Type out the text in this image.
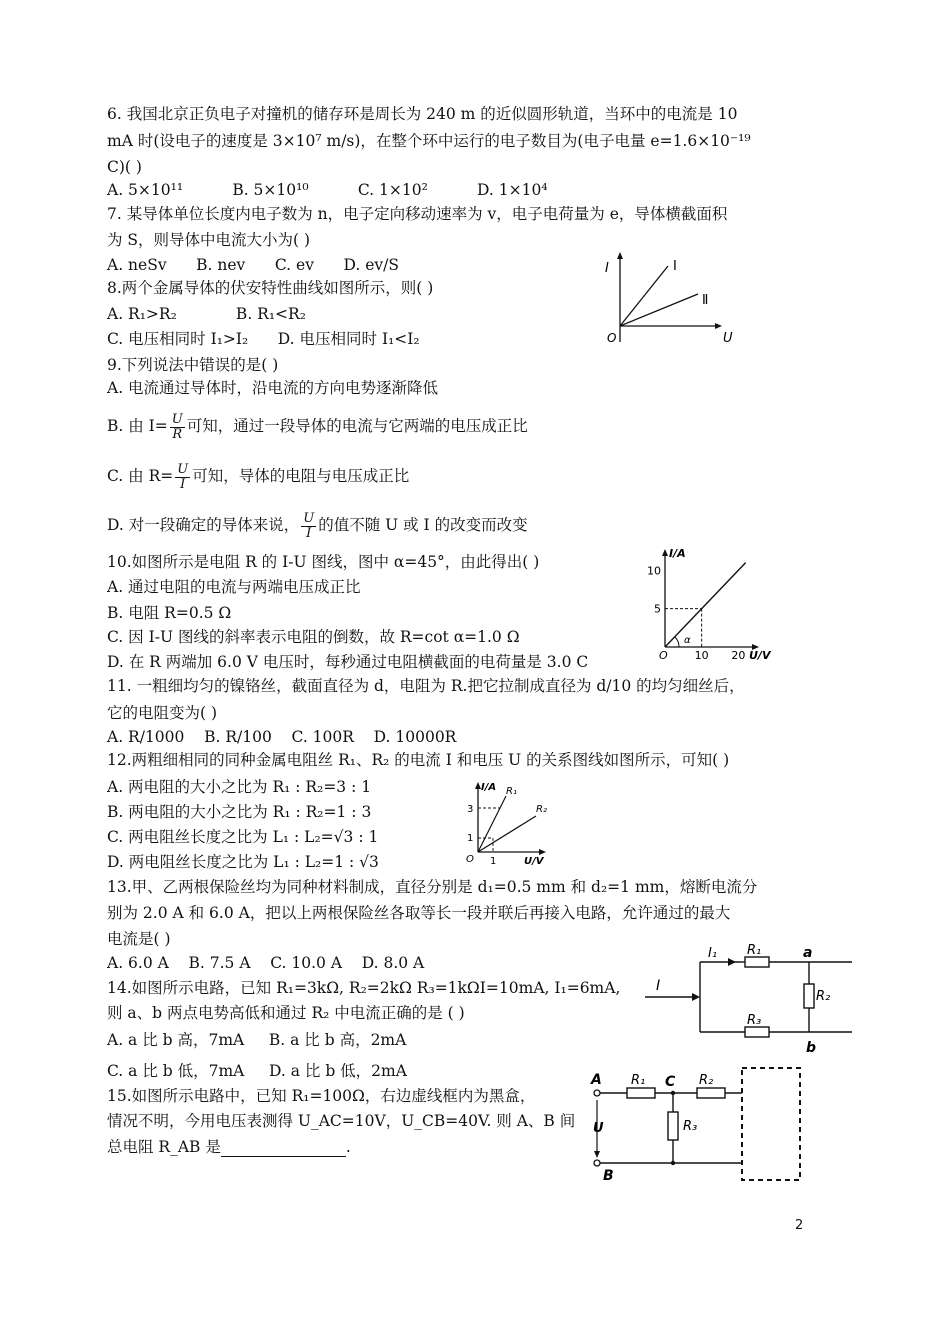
6. 我国北京正负电子对撞机的储存环是周长为 240 m 的近似圆形轨道，当环中的电流是 10
mA 时(设电子的速度是 3×10⁷ m/s)，在整个环中运行的电子数目为(电子电量 e=1.6×10⁻¹⁹
C)( )
A. 5×10¹¹          B. 5×10¹⁰          C. 1×10²          D. 1×10⁴
7. 某导体单位长度内电子数为 n，电子定向移动速率为 v，电子电荷量为 e，导体横截面积
为 S，则导体中电流大小为( )
A. neSv      B. nev      C. ev      D. ev/S
8.两个金属导体的伏安特性曲线如图所示，则( )
A. R₁>R₂            B. R₁<R₂
C. 电压相同时 I₁>I₂      D. 电压相同时 I₁<I₂
I
U
O
I
Ⅱ
9.下列说法中错误的是( )
A. 电流通过导体时，沿电流的方向电势逐渐降低
B. 由 $I= \frac{U}{R}$ 可知，通过一段导体的电流与它两端的电压成正比
C. 由 $R= \frac{U}{I}$ 可知，导体的电阻与电压成正比
D. 对一段确定的导体来说， $\frac{U}{I}$ 的值不随 U 或 I 的改变而改变
10.如图所示是电阻 R 的 I-U 图线，图中 α=45°，由此得出( )
A. 通过电阻的电流与两端电压成正比
B. 电阻 R=0.5 Ω
C. 因 I-U 图线的斜率表示电阻的倒数，故 R=cot α=1.0 Ω
D. 在 R 两端加 6.0 V 电压时，每秒通过电阻横截面的电荷量是 3.0 C
I/A
U/V
O
5
10
10 20
α
11. 一粗细均匀的镍铬丝，截面直径为 d，电阻为 R.把它拉制成直径为 d/10 的均匀细丝后，
它的电阻变为( )
A. R/1000    B. R/100    C. 100R    D. 10000R
12.两粗细相同的同种金属电阻丝 R₁、R₂ 的电流 I 和电压 U 的关系图线如图所示，可知( )
A. 两电阻的大小之比为 R₁ : R₂=3 : 1
B. 两电阻的大小之比为 R₁ : R₂=1 : 3
C. 两电阻丝长度之比为 L₁ : L₂=√3 : 1
D. 两电阻丝长度之比为 L₁ : L₂=1 : √3
I/A
U/V
O
3
1
1
R₁
R₂
13.甲、乙两根保险丝均为同种材料制成，直径分别是 d₁=0.5 mm 和 d₂=1 mm，熔断电流分
别为 2.0 A 和 6.0 A，把以上两根保险丝各取等长一段并联后再接入电路，允许通过的最大
电流是( )
A. 6.0 A    B. 7.5 A    C. 10.0 A    D. 8.0 A
14.如图所示电路，已知 R₁=3kΩ, R₂=2kΩ R₃=1kΩI=10mA, I₁=6mA,
则 a、b 两点电势高低和通过 R₂ 中电流正确的是 ( )
A. a 比 b 高，7mA     B. a 比 b 高，2mA
C. a 比 b 低，7mA     D. a 比 b 低，2mA
I
I₁ R₁
R₂
R₃
a
b
15.如图所示电路中，已知 R₁=100Ω，右边虚线框内为黑盒，
情况不明，今用电压表测得 U_AC=10V，U_CB=40V. 则 A、B 间
总电阻 R_AB 是	.
A
B
C
U
R₁	R₂
R₃
2
